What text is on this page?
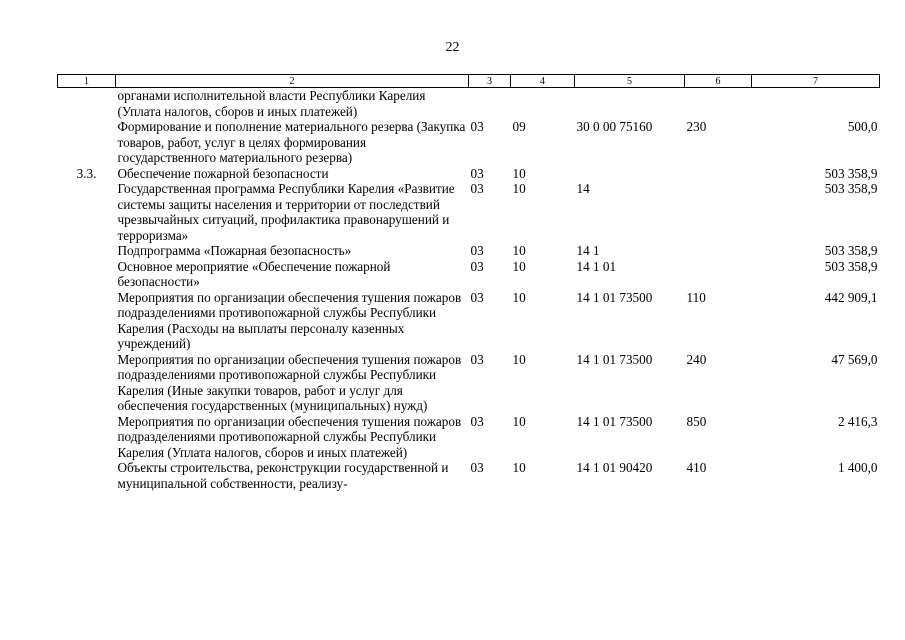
22
1	2	3	4	5	6	7
	органами исполнительной власти Республики Карелия (Уплата налогов, сборов и иных платежей)					
	Формирование и пополнение материального резерва (Закупка товаров, работ, услуг в целях формирования государственного материального резерва)	03	09	30 0 00 75160	230	500,0
3.3.	Обеспечение пожарной безопасности	03	10			503 358,9
	Государственная программа Республики Карелия «Развитие системы защиты населения и территории от последствий чрезвычайных ситуаций, профилактика правонарушений и терроризма»	03	10	14		503 358,9
	Подпрограмма «Пожарная безопасность»	03	10	14 1		503 358,9
	Основное мероприятие «Обеспечение пожарной безопасности»	03	10	14 1 01		503 358,9
	Мероприятия по организации обеспечения тушения пожаров подразделениями противопожарной службы Республики Карелия (Расходы на выплаты персоналу казенных учреждений)	03	10	14 1 01 73500	110	442 909,1
	Мероприятия по организации обеспечения тушения пожаров подразделениями противопожарной службы Республики Карелия (Иные закупки товаров, работ и услуг для обеспечения государственных (муниципальных) нужд)	03	10	14 1 01 73500	240	47 569,0
	Мероприятия по организации обеспечения тушения пожаров подразделениями противопожарной службы Республики Карелия (Уплата налогов, сборов и иных платежей)	03	10	14 1 01 73500	850	2 416,3
	Объекты строительства, реконструкции государственной и муниципальной собственности, реализу-	03	10	14 1 01 90420	410	1 400,0
